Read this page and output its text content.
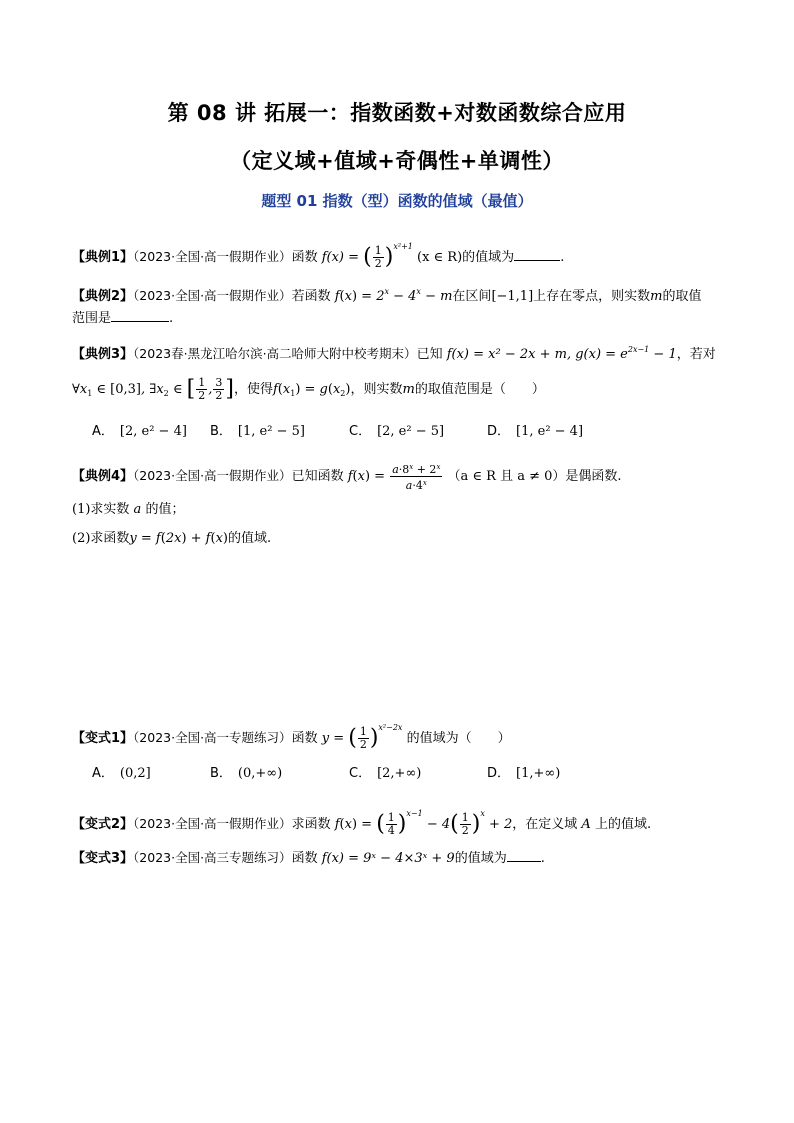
第 08 讲 拓展一：指数函数+对数函数综合应用
（定义域+值域+奇偶性+单调性）
题型 01 指数（型）函数的值域（最值）
【典例1】（2023·全国·高一假期作业）函数 f(x) = ( $\frac{1}{2} )^{x^2+1}$ (x ∈ R)的值域为	.
【典例2】（2023·全国·高一假期作业）若函数 $f(x) = 2^x - 4^x - m$在区间[−1,1]上存在零点，则实数m的取值
范围是	.
【典例3】（2023春·黑龙江哈尔滨·高二哈师大附中校考期末）已知 f(x) = x² − 2x + m, $g(x) = e^{2x-1} - 1$，若对
$\forall x_1$ ∈ [0,3], $\exists x_2$ ∈ [ $\frac{1}{2}$ , $\frac{3}{2}$ ]，使得$f(x_1) = g(x_2)$，则实数m的取值范围是（　　）
A． [2, e² − 4] B． [1, e² − 5]	C． [2, e² − 5]	D． [1, e² − 4]
【典例4】（2023·全国·高一假期作业）已知函数 $f(x) = \frac{a\cdot 8^x + 2^x}{a\cdot 4^x} (a$ ∈ R 且 a ≠ 0）是偶函数.
(1)求实数 a 的值；
(2)求函数y = f(2x) + f(x)的值域.
【变式1】（2023·全国·高一专题练习）函数 y = ( $\frac{1}{2} )^{x^2-2x}$ 的值域为（　　）
A． (0,2]	B． (0,+∞)	C． [2,+∞)	D． [1,+∞)
【变式2】（2023·全国·高一假期作业）求函数 f(x) = ( $\frac{1}{4} )^{x-1} - 4( \frac{1}{2} )^x + 2$，在定义域 A 上的值域.
【变式3】（2023·全国·高三专题练习）函数 f(x) = 9ˣ − 4×3ˣ + 9的值域为	.
